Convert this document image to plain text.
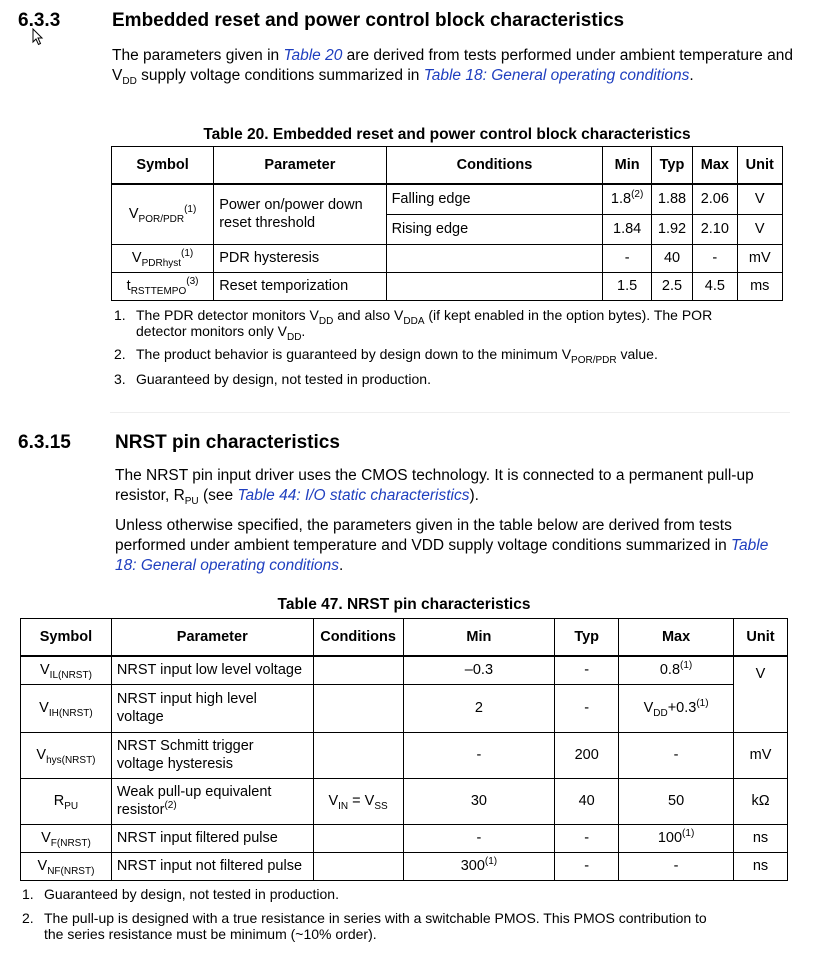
6.3.3	Embedded reset and power control block characteristics
The parameters given in Table 20 are derived from tests performed under ambient temperature and $V_{DD}$ supply voltage conditions summarized in Table 18: General operating conditions.
Table 20. Embedded reset and power control block characteristics
Symbol	Parameter	Conditions	Min	Typ	Max	Unit
$V_{POR/PDR}^{(1)}$	Power on/power down reset threshold	Falling edge	1.8$^{(2)}$	1.88	2.06	V
		Rising edge	1.84	1.92	2.10	V
$V_{PDRhyst}^{(1)}$	PDR hysteresis		-	40	-	mV
$t_{RSTTEMPO}^{(3)}$	Reset temporization		1.5	2.5	4.5	ms
1. The PDR detector monitors $V_{DD}$ and also $V_{DDA}$ (if kept enabled in the option bytes). The POR
detector monitors only $V_{DD}$.
2. The product behavior is guaranteed by design down to the minimum $V_{POR/PDR}$ value.
3. Guaranteed by design, not tested in production.
6.3.15 NRST pin characteristics
The NRST pin input driver uses the CMOS technology. It is connected to a permanent pull-up resistor, $R_{PU}$ (see Table 44: I/O static characteristics).
Unless otherwise specified, the parameters given in the table below are derived from tests performed under ambient temperature and VDD supply voltage conditions summarized in Table 18: General operating conditions.
Table 47. NRST pin characteristics
Symbol	Parameter	Conditions	Min	Typ	Max	Unit
$V_{IL(NRST)}$	NRST input low level voltage		–0.3	-	0.8$^{(1)}$	V
$V_{IH(NRST)}$	NRST input high level voltage		2	-	$V_{DD}+0.3^{(1)}$
$V_{hys(NRST)}$	NRST Schmitt trigger voltage hysteresis		-	200	-	mV
$R_{PU}$	Weak pull-up equivalent resistor$^{(2)}$	$V_{IN} = V_{SS}$	30	40	50	kΩ
$V_{F(NRST)}$	NRST input filtered pulse		-	-	100$^{(1)}$	ns
$V_{NF(NRST)}$	NRST input not filtered pulse		300$^{(1)}$	-	-	ns
1. Guaranteed by design, not tested in production.
2. The pull-up is designed with a true resistance in series with a switchable PMOS. This PMOS contribution to
the series resistance must be minimum (~10% order).
